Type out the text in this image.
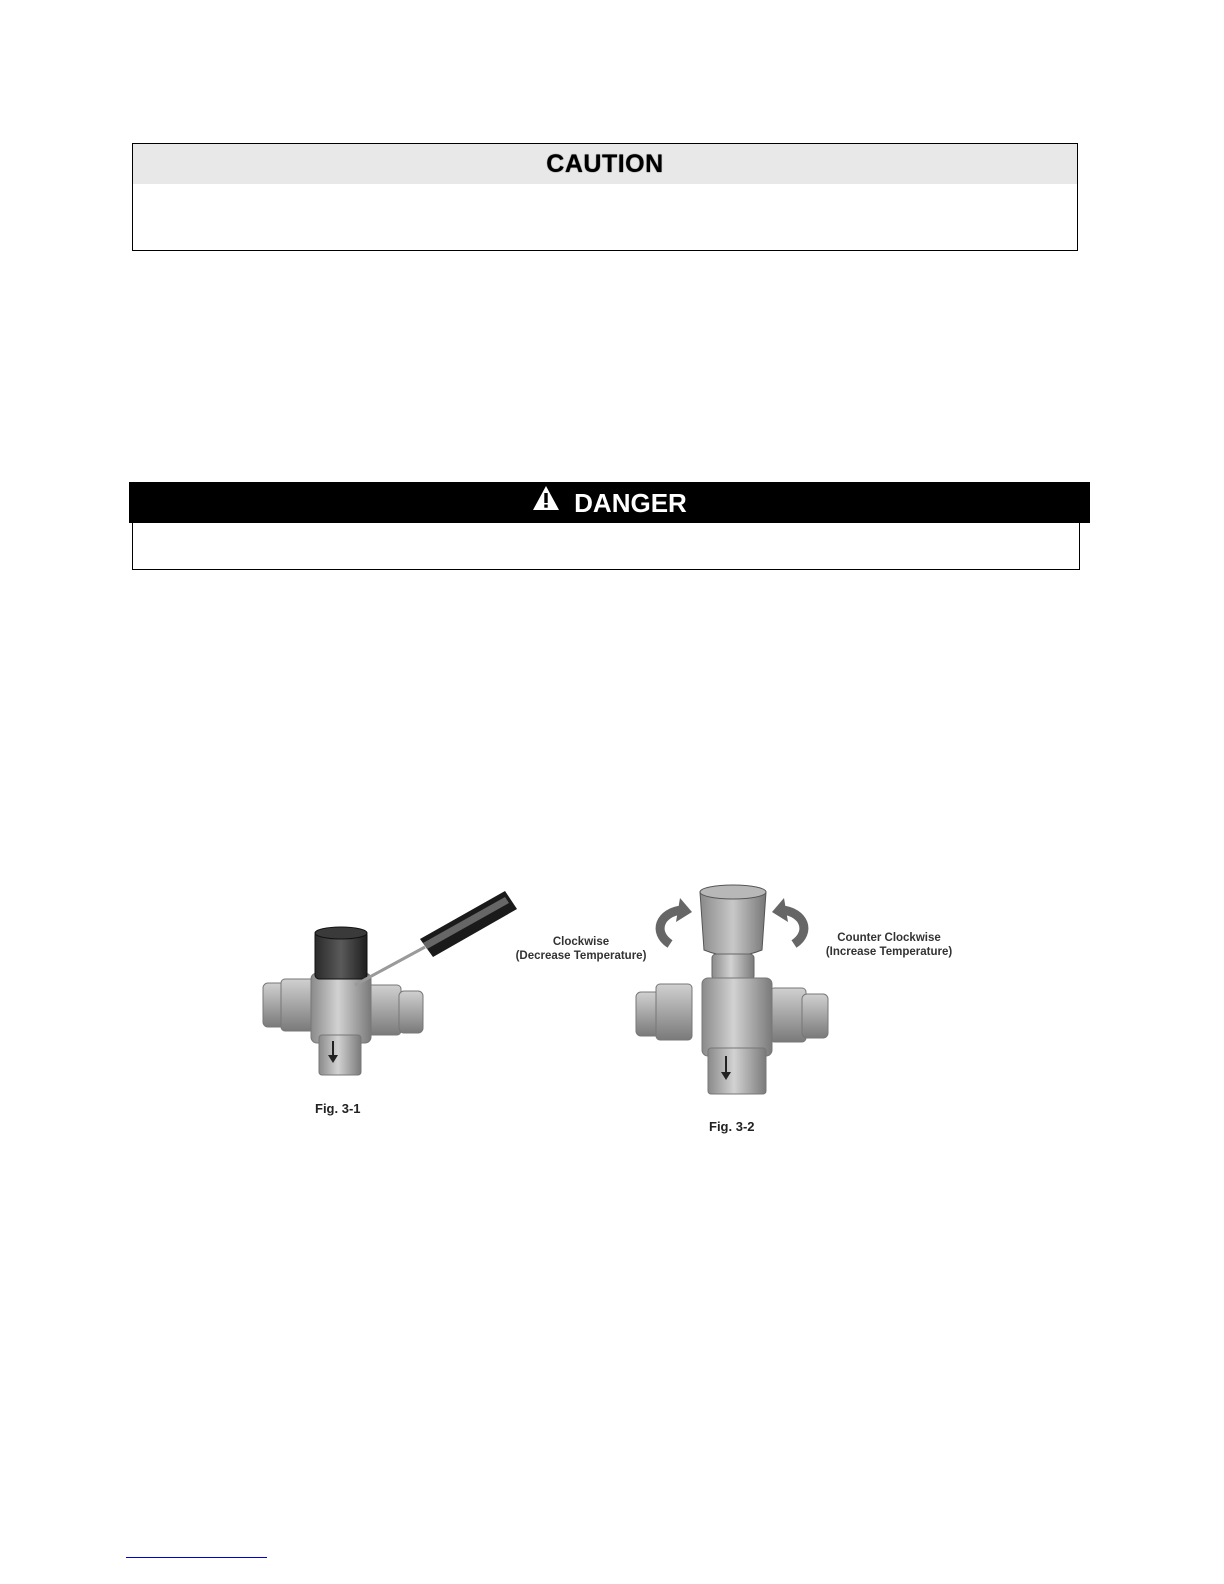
CAUTION
DANGER
Fig. 3-1
Clockwise
(Decrease Temperature)
Fig. 3-2
Counter Clockwise
(Increase Temperature)
